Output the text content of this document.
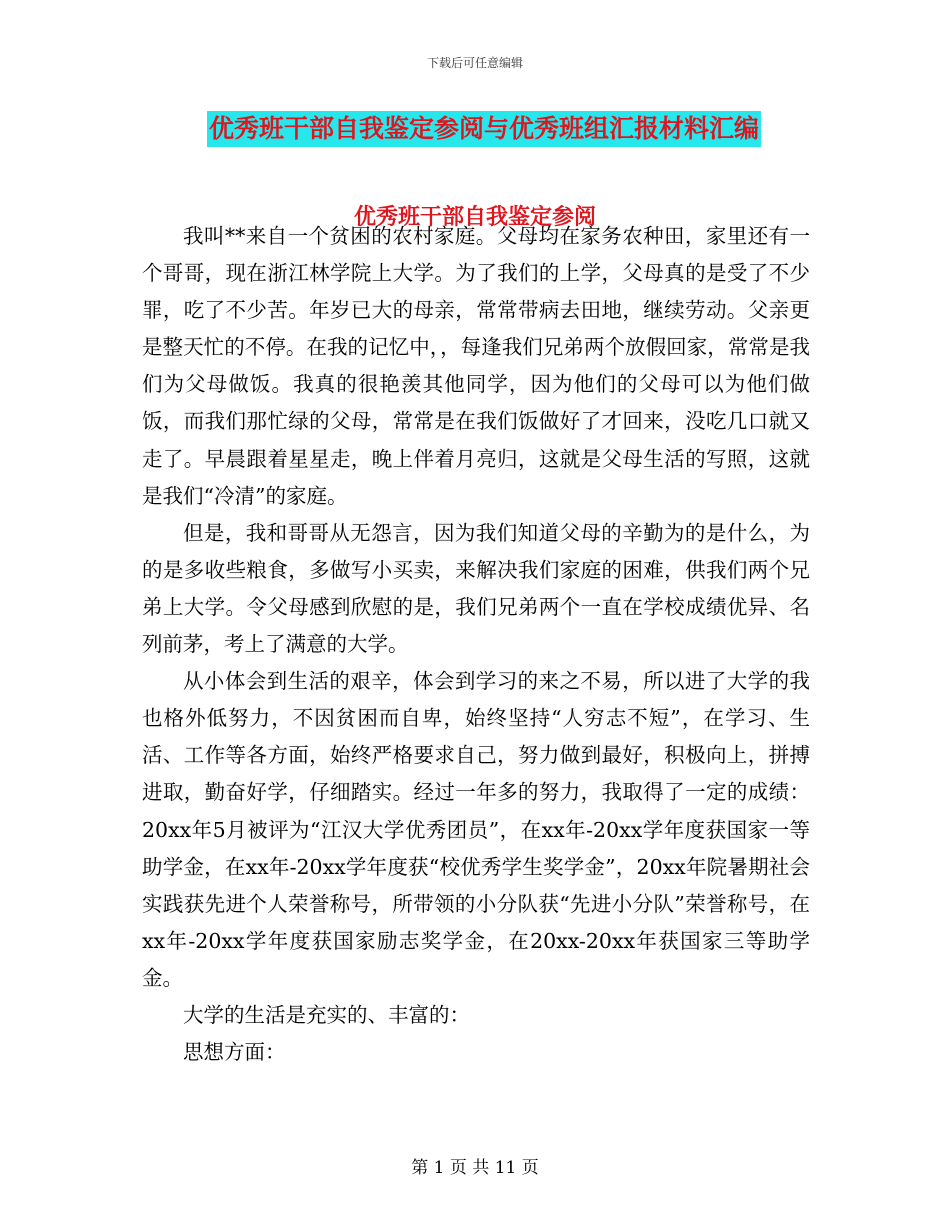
下载后可任意编辑
优秀班干部自我鉴定参阅与优秀班组汇报材料汇编
优秀班干部自我鉴定参阅

我叫**来自一个贫困的农村家庭。父母均在家务农种田，家里还有一个哥哥，现在浙江林学院上大学。为了我们的上学，父母真的是受了不少罪，吃了不少苦。年岁已大的母亲，常常带病去田地，继续劳动。父亲更是整天忙的不停。在我的记忆中，，每逢我们兄弟两个放假回家，常常是我们为父母做饭。我真的很艳羡其他同学，因为他们的父母可以为他们做饭，而我们那忙绿的父母，常常是在我们饭做好了才回来，没吃几口就又走了。早晨跟着星星走，晚上伴着月亮归，这就是父母生活的写照，这就是我们“冷清”的家庭。

但是，我和哥哥从无怨言，因为我们知道父母的辛勤为的是什么，为的是多收些粮食，多做写小买卖，来解决我们家庭的困难，供我们两个兄弟上大学。令父母感到欣慰的是，我们兄弟两个一直在学校成绩优异、名列前茅，考上了满意的大学。

从小体会到生活的艰辛，体会到学习的来之不易，所以进了大学的我也格外低努力，不因贫困而自卑，始终坚持“人穷志不短”，在学习、生活、工作等各方面，始终严格要求自己，努力做到最好，积极向上，拼搏进取，勤奋好学，仔细踏实。经过一年多的努力，我取得了一定的成绩：20xx年5月被评为“江汉大学优秀团员”，在xx年-20xx学年度获国家一等助学金，在xx年-20xx学年度获“校优秀学生奖学金”，20xx年院暑期社会实践获先进个人荣誉称号，所带领的小分队获“先进小分队”荣誉称号，在xx年-20xx学年度获国家励志奖学金，在20xx-20xx年获国家三等助学金。

大学的生活是充实的、丰富的：

思想方面：

第 1 页 共 11 页
